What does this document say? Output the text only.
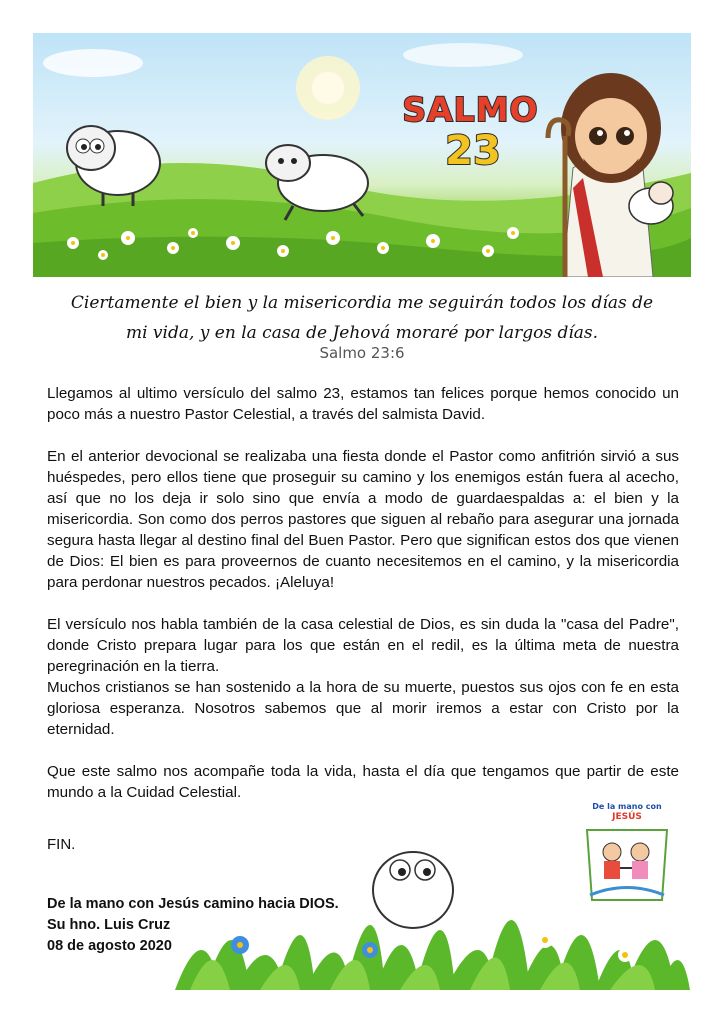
SALMO
23
Ciertamente el bien y la misericordia me seguirán todos los días de
mi vida, y en la casa de Jehová moraré por largos días.
Salmo 23:6

Llegamos al ultimo versículo del salmo 23, estamos tan felices porque hemos conocido un poco más a nuestro Pastor Celestial, a través del salmista David.

En el anterior devocional se realizaba una fiesta donde el Pastor como anfitrión sirvió a sus huéspedes, pero ellos tiene que proseguir su camino y los enemigos están fuera al acecho, así que no los deja ir solo sino que envía a modo de guardaespaldas a: el bien y la misericordia. Son como dos perros pastores que siguen al rebaño para asegurar una jornada segura hasta llegar al destino final del Buen Pastor. Pero que significan estos dos que vienen de Dios: El bien es para proveernos de cuanto necesitemos en el camino, y la misericordia para perdonar nuestros pecados. ¡Aleluya!

El versículo nos habla también de la casa celestial de Dios, es sin duda la "casa del Padre", donde Cristo prepara lugar para los que están en el redil, es la última meta de nuestra peregrinación en la tierra.

Muchos cristianos se han sostenido a la hora de su muerte, puestos sus ojos con fe en esta gloriosa esperanza. Nosotros sabemos que al morir iremos a estar con Cristo por la eternidad.

Que este salmo nos acompañe toda la vida, hasta el día que tengamos que partir de este mundo a la Cuidad Celestial.

FIN.
De la mano con
JESÚS
De la mano con Jesús camino hacia DIOS.
Su hno. Luis Cruz
08 de agosto 2020
